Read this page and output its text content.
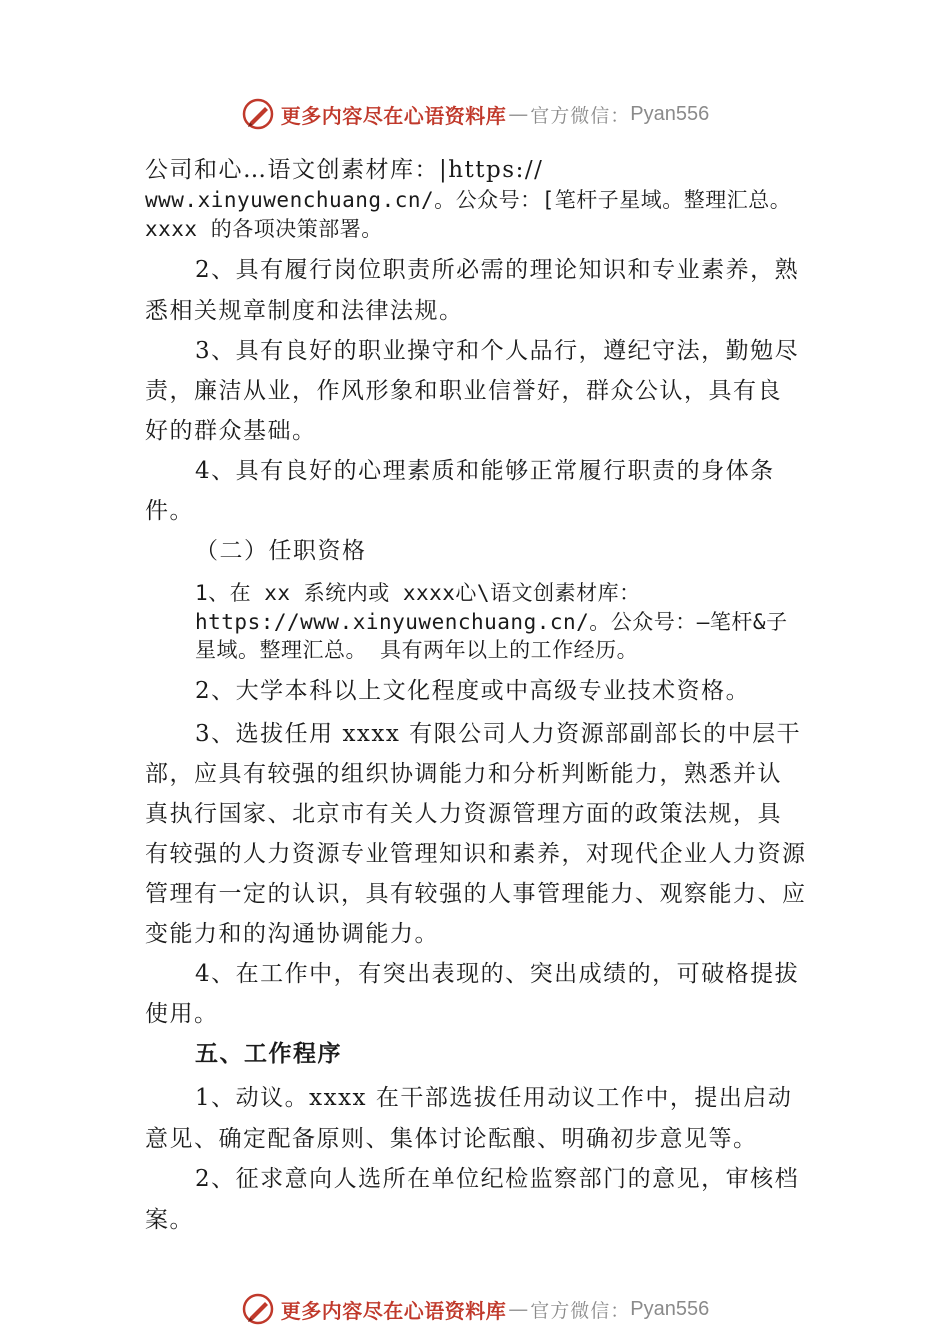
更多内容尽在心语资料库 — 官方微信： Pyan556
公司和心…语文创素材库：|https://
www.xinyuwenchuang.cn/。公众号：[笔杆子星域。整理汇总。
xxxx 的各项决策部署。
2、具有履行岗位职责所必需的理论知识和专业素养，熟
悉相关规章制度和法律法规。
3、具有良好的职业操守和个人品行，遵纪守法，勤勉尽
责，廉洁从业，作风形象和职业信誉好，群众公认，具有良
好的群众基础。
4、具有良好的心理素质和能够正常履行职责的身体条
件。
（二）任职资格
1、在 xx 系统内或 xxxx心\语文创素材库：
https://www.xinyuwenchuang.cn/。公众号：—笔杆&子
星域。整理汇总。 具有两年以上的工作经历。
2、大学本科以上文化程度或中高级专业技术资格。
3、选拔任用 xxxx 有限公司人力资源部副部长的中层干
部，应具有较强的组织协调能力和分析判断能力，熟悉并认
真执行国家、北京市有关人力资源管理方面的政策法规，具
有较强的人力资源专业管理知识和素养，对现代企业人力资源
管理有一定的认识，具有较强的人事管理能力、观察能力、应
变能力和的沟通协调能力。
4、在工作中，有突出表现的、突出成绩的，可破格提拔
使用。
五、工作程序
1、动议。xxxx 在干部选拔任用动议工作中，提出启动
意见、确定配备原则、集体讨论酝酿、明确初步意见等。
2、征求意向人选所在单位纪检监察部门的意见，审核档
案。
更多内容尽在心语资料库 — 官方微信： Pyan556
